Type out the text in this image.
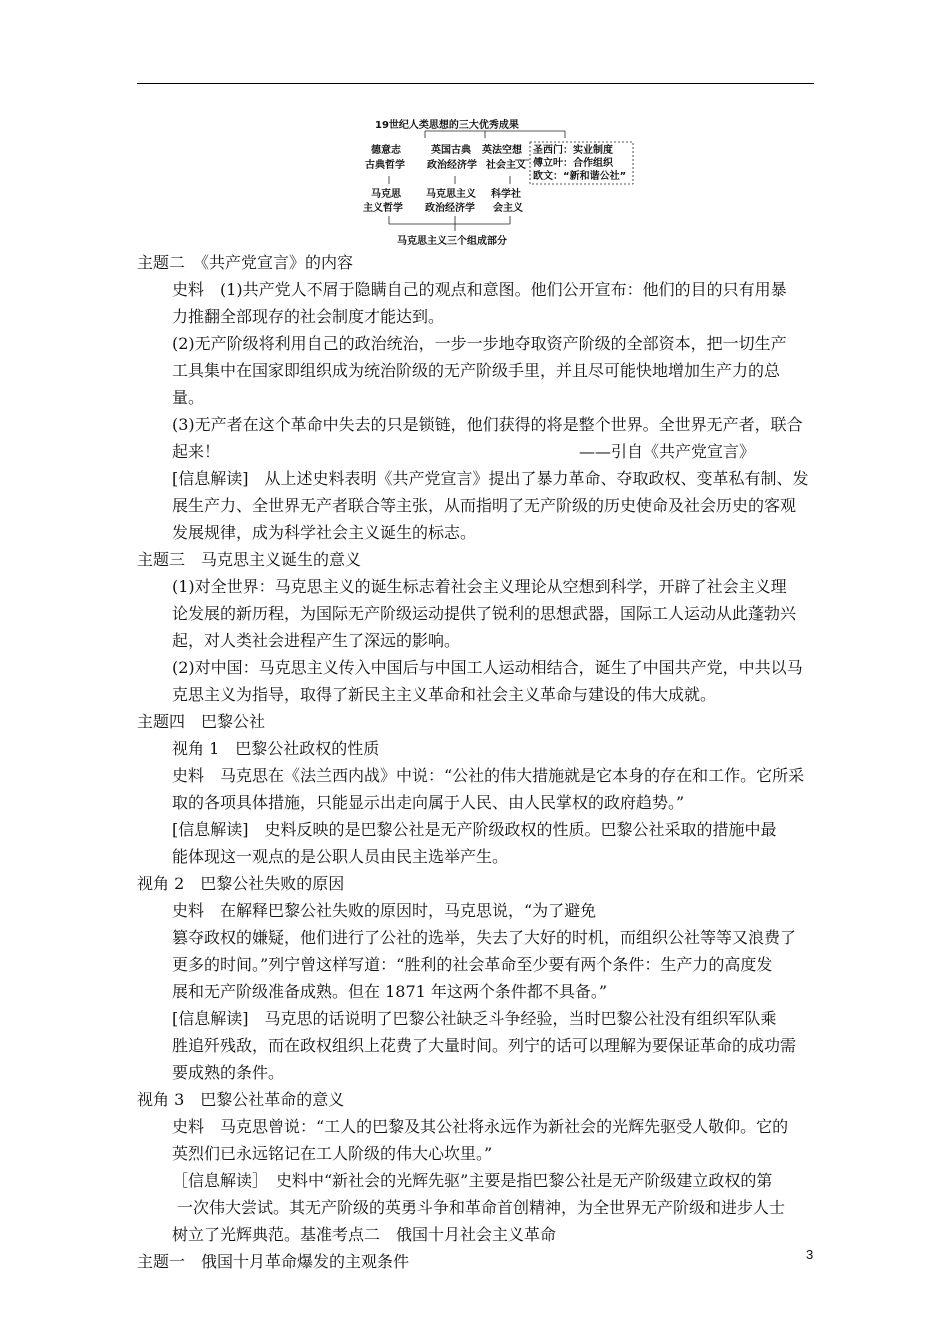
19世纪人类思想的三大优秀成果
德意志
古典哲学
英国古典
政治经济学
英法空想
社会主义
圣西门：实业制度
傅立叶：合作组织
欧文：“新和谐公社”
马克思
主义哲学
马克思主义
政治经济学
科学社
会主义
马克思主义三个组成部分
主题二　《共产党宣言》的内容
史料　(1)共产党人不屑于隐瞒自己的观点和意图。他们公开宣布：他们的目的只有用暴
力推翻全部现存的社会制度才能达到。
(2)无产阶级将利用自己的政治统治，一步一步地夺取资产阶级的全部资本，把一切生产
工具集中在国家即组织成为统治阶级的无产阶级手里，并且尽可能快地增加生产力的总
量。
(3)无产者在这个革命中失去的只是锁链，他们获得的将是整个世界。全世界无产者，联合
起来！	——引自《共产党宣言》
[信息解读]　从上述史料表明《共产党宣言》提出了暴力革命、夺取政权、变革私有制、发
展生产力、全世界无产者联合等主张，从而指明了无产阶级的历史使命及社会历史的客观
发展规律，成为科学社会主义诞生的标志。
主题三　马克思主义诞生的意义
(1)对全世界：马克思主义的诞生标志着社会主义理论从空想到科学，开辟了社会主义理
论发展的新历程，为国际无产阶级运动提供了锐利的思想武器，国际工人运动从此蓬勃兴
起，对人类社会进程产生了深远的影响。
(2)对中国：马克思主义传入中国后与中国工人运动相结合，诞生了中国共产党，中共以马
克思主义为指导，取得了新民主主义革命和社会主义革命与建设的伟大成就。
主题四　巴黎公社
视角 1　巴黎公社政权的性质
史料　马克思在《法兰西内战》中说：“公社的伟大措施就是它本身的存在和工作。它所采
取的各项具体措施，只能显示出走向属于人民、由人民掌权的政府趋势。”
[信息解读]　史料反映的是巴黎公社是无产阶级政权的性质。巴黎公社采取的措施中最
能体现这一观点的是公职人员由民主选举产生。
视角 2　巴黎公社失败的原因
史料　在解释巴黎公社失败的原因时，马克思说，“为了避免
篡夺政权的嫌疑，他们进行了公社的选举，失去了大好的时机，而组织公社等等又浪费了
更多的时间。”列宁曾这样写道：“胜利的社会革命至少要有两个条件：生产力的高度发
展和无产阶级准备成熟。但在 1871 年这两个条件都不具备。”
[信息解读]　马克思的话说明了巴黎公社缺乏斗争经验，当时巴黎公社没有组织军队乘
胜追歼残敌，而在政权组织上花费了大量时间。列宁的话可以理解为要保证革命的成功需
要成熟的条件。
视角 3　巴黎公社革命的意义
史料　马克思曾说：“工人的巴黎及其公社将永远作为新社会的光辉先驱受人敬仰。它的
英烈们已永远铭记在工人阶级的伟大心坎里。”
［信息解读］　史料中“新社会的光辉先驱”主要是指巴黎公社是无产阶级建立政权的第
一次伟大尝试。其无产阶级的英勇斗争和革命首创精神，为全世界无产阶级和进步人士
树立了光辉典范。基准考点二　俄国十月社会主义革命
主题一　俄国十月革命爆发的主观条件	3
